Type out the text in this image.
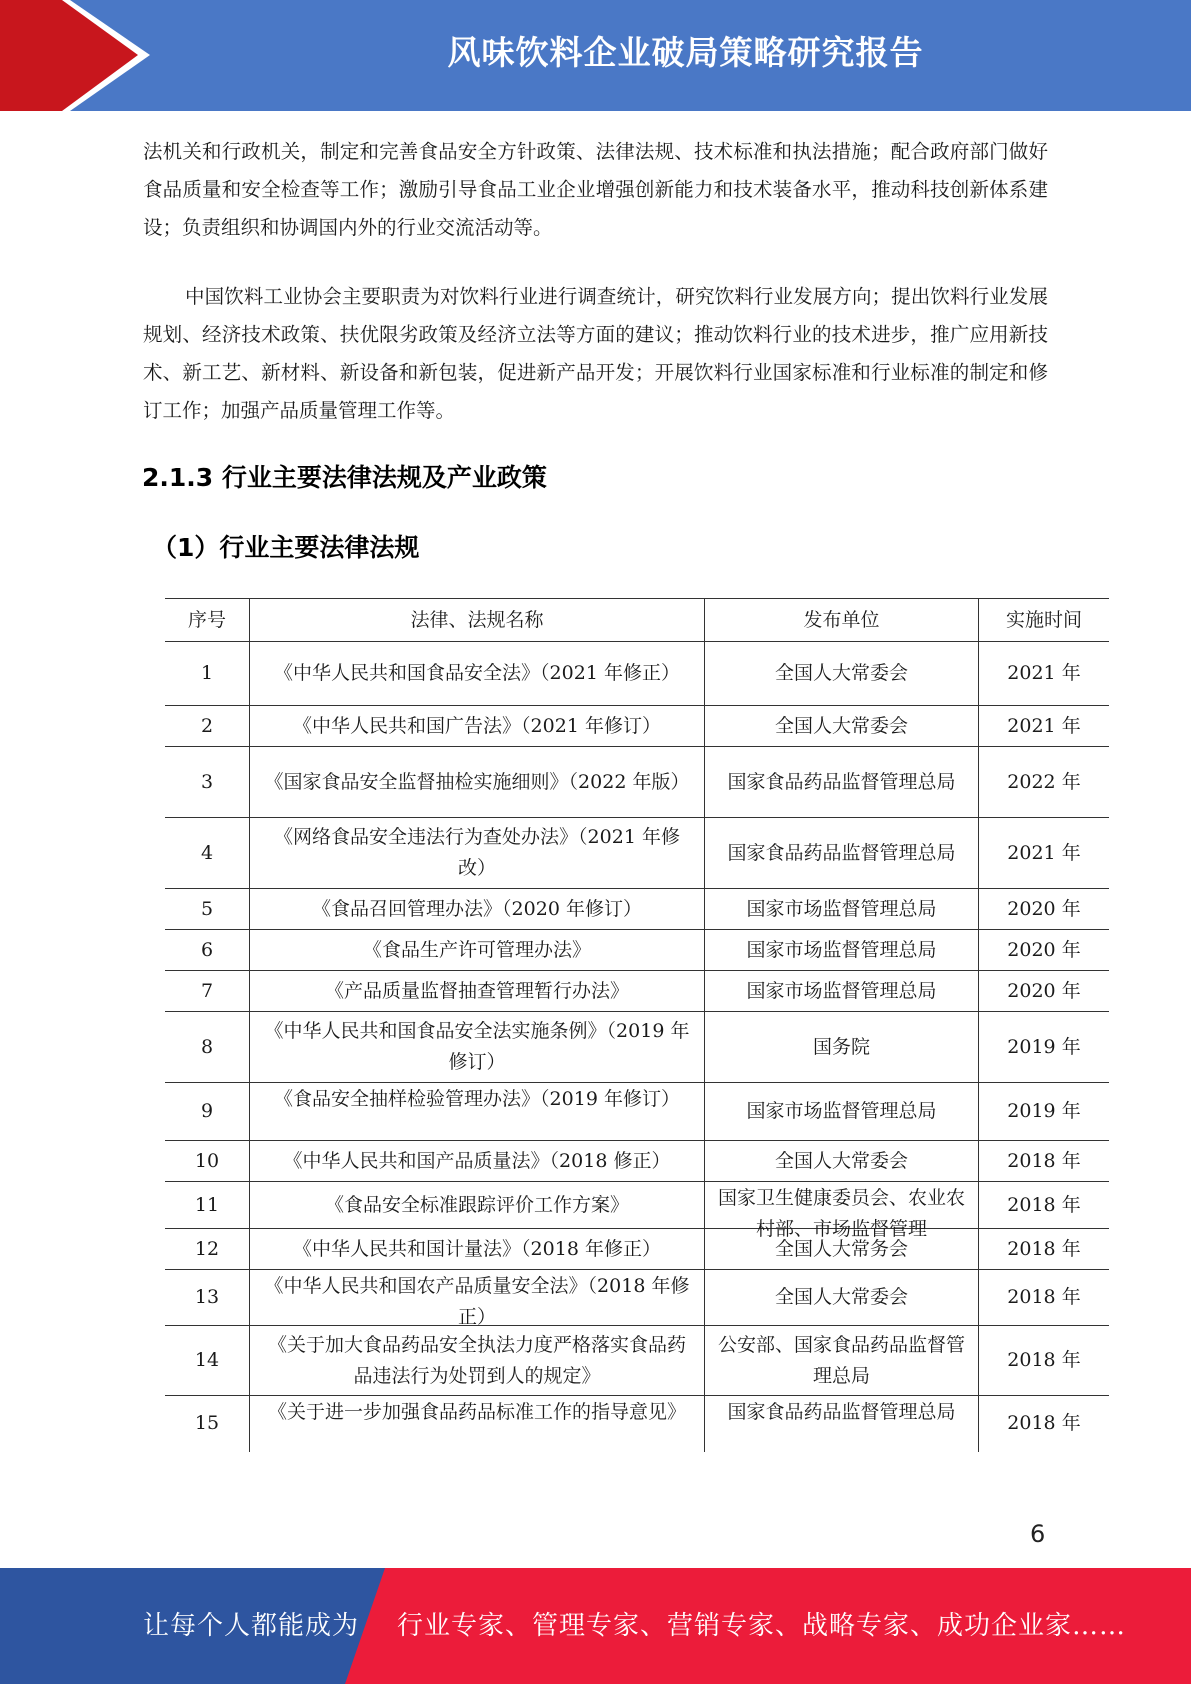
风味饮料企业破局策略研究报告

法机关和行政机关，制定和完善食品安全方针政策、法律法规、技术标准和执法措施；配合政府部门做好食品质量和安全检查等工作；激励引导食品工业企业增强创新能力和技术装备水平，推动科技创新体系建设；负责组织和协调国内外的行业交流活动等。

中国饮料工业协会主要职责为对饮料行业进行调查统计，研究饮料行业发展方向；提出饮料行业发展规划、经济技术政策、扶优限劣政策及经济立法等方面的建议；推动饮料行业的技术进步，推广应用新技术、新工艺、新材料、新设备和新包装，促进新产品开发；开展饮料行业国家标准和行业标准的制定和修订工作；加强产品质量管理工作等。

2.1.3 行业主要法律法规及产业政策
（1）行业主要法律法规
序号	法律、法规名称	发布单位	实施时间
1	《中华人民共和国食品安全法》（2021 年修正）	全国人大常委会	2021 年
2	《中华人民共和国广告法》（2021 年修订）	全国人大常委会	2021 年
3	《国家食品安全监督抽检实施细则》（2022 年版）	国家食品药品监督管理总局	2022 年
4	《网络食品安全违法行为查处办法》（2021 年修改）	国家食品药品监督管理总局	2021 年
5	《食品召回管理办法》（2020 年修订）	国家市场监督管理总局	2020 年
6	《食品生产许可管理办法》	国家市场监督管理总局	2020 年
7	《产品质量监督抽查管理暂行办法》	国家市场监督管理总局	2020 年
8	《中华人民共和国食品安全法实施条例》（2019 年修订）	国务院	2019 年
9	《食品安全抽样检验管理办法》（2019 年修订）	国家市场监督管理总局	2019 年
10	《中华人民共和国产品质量法》（2018 修正）	全国人大常委会	2018 年
11	《食品安全标准跟踪评价工作方案》	国家卫生健康委员会、农业农村部、市场监督管理	2018 年
12	《中华人民共和国计量法》（2018 年修正）	全国人大常务会	2018 年
13	《中华人民共和国农产品质量安全法》（2018 年修正）	全国人大常委会	2018 年
14	《关于加大食品药品安全执法力度严格落实食品药品违法行为处罚到人的规定》	公安部、国家食品药品监督管理总局	2018 年
15	《关于进一步加强食品药品标准工作的指导意见》	国家食品药品监督管理总局	2018 年
6
让每个人都能成为 行业专家、管理专家、营销专家、战略专家、成功企业家……
